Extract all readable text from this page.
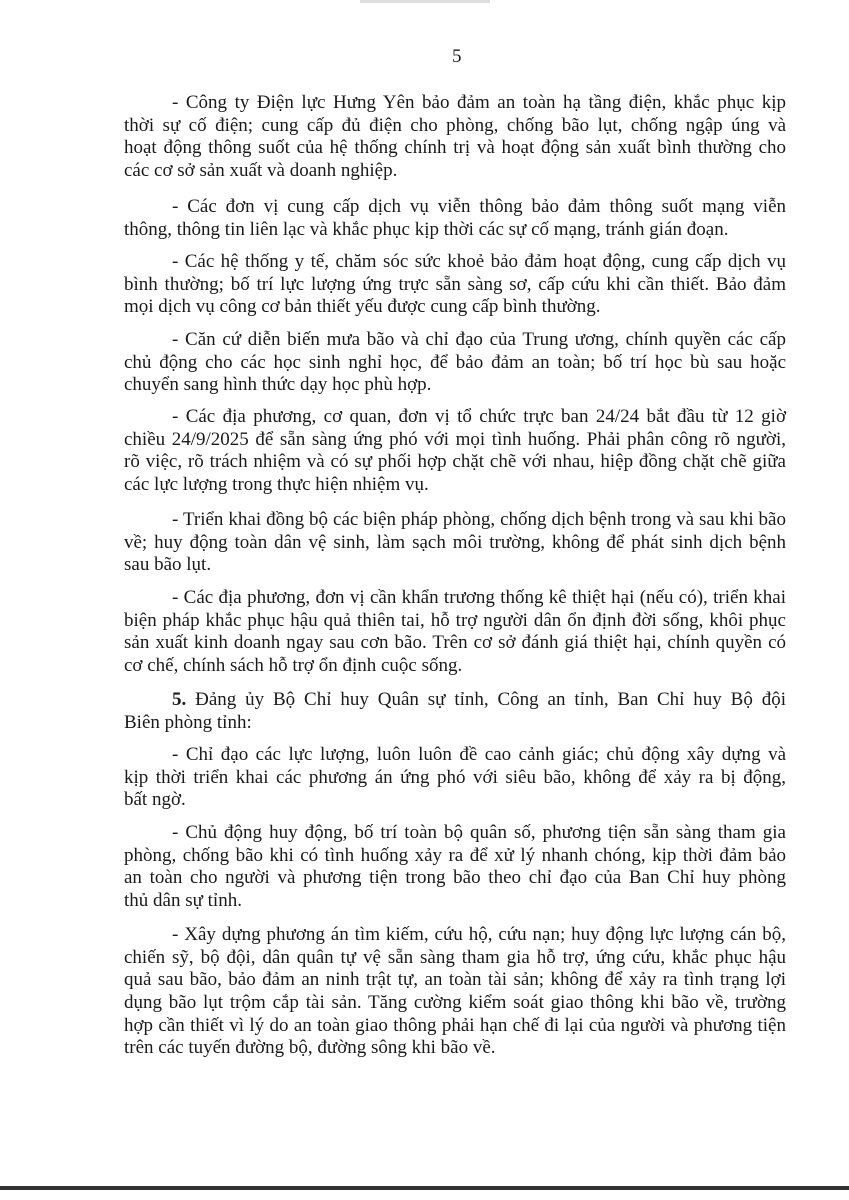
5
- Công ty Điện lực Hưng Yên bảo đảm an toàn hạ tầng điện, khắc phục kịp
thời sự cố điện; cung cấp đủ điện cho phòng, chống bão lụt, chống ngập úng và
hoạt động thông suốt của hệ thống chính trị và hoạt động sản xuất bình thường cho
các cơ sở sản xuất và doanh nghiệp.
- Các đơn vị cung cấp dịch vụ viễn thông bảo đảm thông suốt mạng viễn
thông, thông tin liên lạc và khắc phục kịp thời các sự cố mạng, tránh gián đoạn.
- Các hệ thống y tế, chăm sóc sức khoẻ bảo đảm hoạt động, cung cấp dịch vụ
bình thường; bố trí lực lượng ứng trực sẵn sàng sơ, cấp cứu khi cần thiết. Bảo đảm
mọi dịch vụ công cơ bản thiết yếu được cung cấp bình thường.
- Căn cứ diễn biến mưa bão và chỉ đạo của Trung ương, chính quyền các cấp
chủ động cho các học sinh nghỉ học, để bảo đảm an toàn; bố trí học bù sau hoặc
chuyển sang hình thức dạy học phù hợp.
- Các địa phương, cơ quan, đơn vị tổ chức trực ban 24/24 bắt đầu từ 12 giờ
chiều 24/9/2025 để sẵn sàng ứng phó với mọi tình huống. Phải phân công rõ người,
rõ việc, rõ trách nhiệm và có sự phối hợp chặt chẽ với nhau, hiệp đồng chặt chẽ giữa
các lực lượng trong thực hiện nhiệm vụ.
- Triển khai đồng bộ các biện pháp phòng, chống dịch bệnh trong và sau khi bão
về; huy động toàn dân vệ sinh, làm sạch môi trường, không để phát sinh dịch bệnh
sau bão lụt.
- Các địa phương, đơn vị cần khẩn trương thống kê thiệt hại (nếu có), triển khai
biện pháp khắc phục hậu quả thiên tai, hỗ trợ người dân ổn định đời sống, khôi phục
sản xuất kinh doanh ngay sau cơn bão. Trên cơ sở đánh giá thiệt hại, chính quyền có
cơ chế, chính sách hỗ trợ ổn định cuộc sống.
5. Đảng ủy Bộ Chỉ huy Quân sự tỉnh, Công an tỉnh, Ban Chỉ huy Bộ đội
Biên phòng tỉnh:
- Chỉ đạo các lực lượng, luôn luôn đề cao cảnh giác; chủ động xây dựng và
kịp thời triển khai các phương án ứng phó với siêu bão, không để xảy ra bị động,
bất ngờ.
- Chủ động huy động, bố trí toàn bộ quân số, phương tiện sẵn sàng tham gia
phòng, chống bão khi có tình huống xảy ra để xử lý nhanh chóng, kịp thời đảm bảo
an toàn cho người và phương tiện trong bão theo chỉ đạo của Ban Chỉ huy phòng
thủ dân sự tỉnh.
- Xây dựng phương án tìm kiếm, cứu hộ, cứu nạn; huy động lực lượng cán bộ,
chiến sỹ, bộ đội, dân quân tự vệ sẵn sàng tham gia hỗ trợ, ứng cứu, khắc phục hậu
quả sau bão, bảo đảm an ninh trật tự, an toàn tài sản; không để xảy ra tình trạng lợi
dụng bão lụt trộm cắp tài sản. Tăng cường kiểm soát giao thông khi bão về, trường
hợp cần thiết vì lý do an toàn giao thông phải hạn chế đi lại của người và phương tiện
trên các tuyến đường bộ, đường sông khi bão về.
